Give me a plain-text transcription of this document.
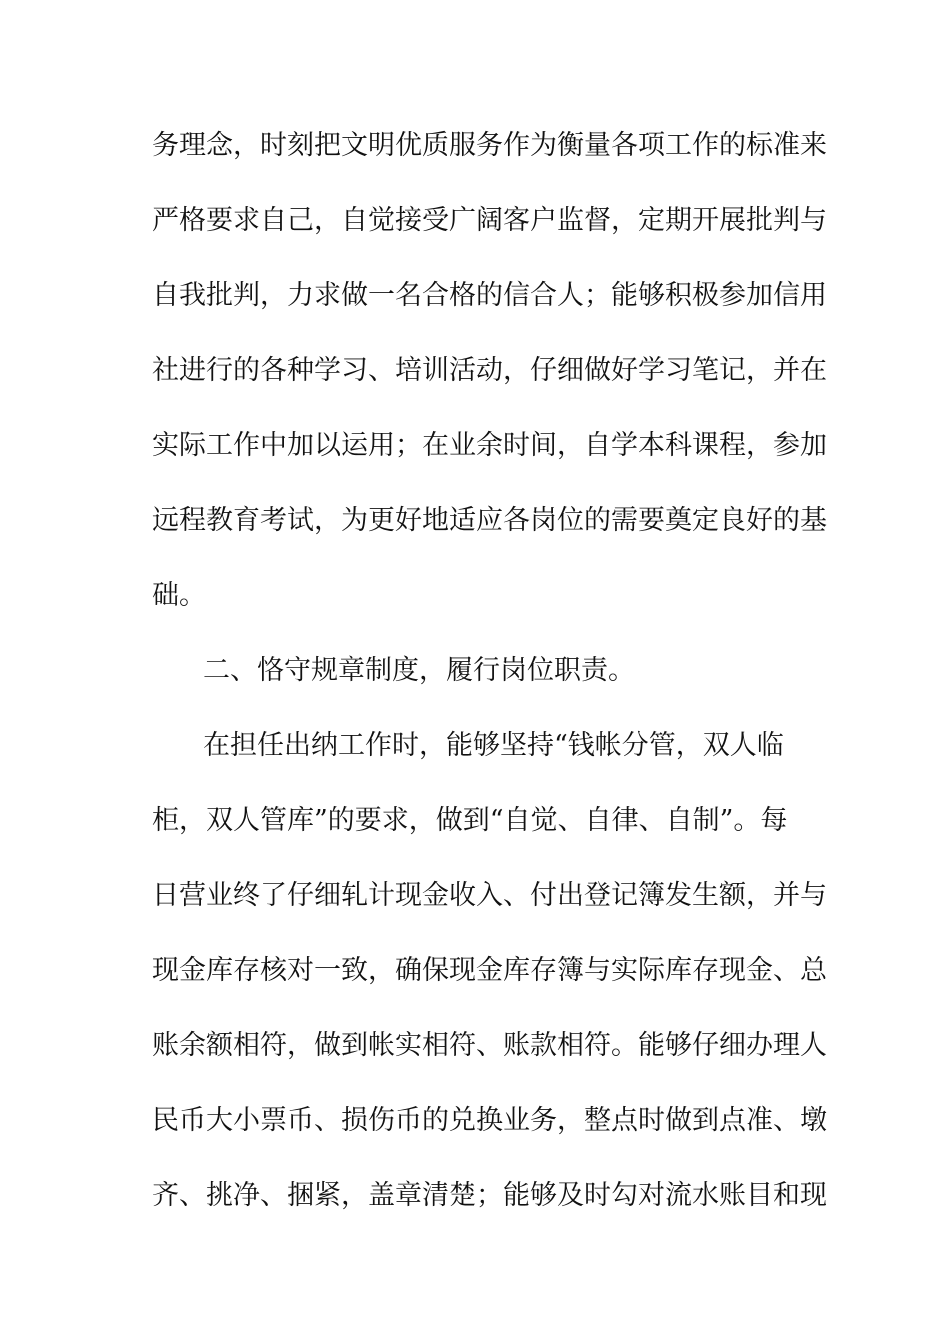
务理念，时刻把文明优质服务作为衡量各项工作的标准来
严格要求自己，自觉接受广阔客户监督，定期开展批判与
自我批判，力求做一名合格的信合人；能够积极参加信用
社进行的各种学习、培训活动，仔细做好学习笔记，并在
实际工作中加以运用；在业余时间，自学本科课程，参加
远程教育考试，为更好地适应各岗位的需要奠定良好的基
础。
二、恪守规章制度，履行岗位职责。
在担任出纳工作时，能够坚持“钱帐分管，双人临
柜，双人管库”的要求，做到“自觉、自律、自制”。每
日营业终了仔细轧计现金收入、付出登记簿发生额，并与
现金库存核对一致，确保现金库存簿与实际库存现金、总
账余额相符，做到帐实相符、账款相符。能够仔细办理人
民币大小票币、损伤币的兑换业务，整点时做到点准、墩
齐、挑净、捆紧，盖章清楚；能够及时勾对流水账目和现
